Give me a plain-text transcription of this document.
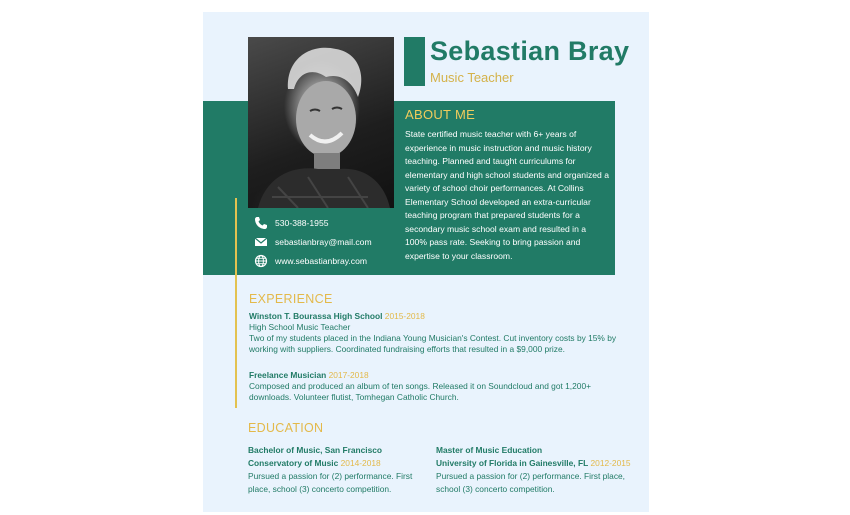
Sebastian Bray
Music Teacher
ABOUT ME
State certified music teacher with 6+ years of experience in music instruction and music history teaching. Planned and taught curriculums for elementary and high school students and organized a variety of school choir performances. At Collins Elementary School developed an extra-curricular teaching program that prepared students for a secondary music school exam and resulted in a 100% pass rate. Seeking to bring passion and expertise to your classroom.
530-388-1955
sebastianbray@mail.com
www.sebastianbray.com
EXPERIENCE
Winston T. Bourassa High School 2015-2018
High School Music Teacher
Two of my students placed in the Indiana Young Musician's Contest. Cut inventory costs by 15% by working with suppliers. Coordinated fundraising efforts that resulted in a $9,000 prize.
Freelance Musician 2017-2018
Composed and produced an album of ten songs. Released it on Soundcloud and got 1,200+ downloads. Volunteer flutist, Tomhegan Catholic Church.
EDUCATION
Bachelor of Music, San Francisco
Conservatory of Music 2014-2018
Pursued a passion for (2) performance. First place, school (3) concerto competition.
Master of Music Education
University of Florida in Gainesville, FL 2012-2015
Pursued a passion for (2) performance. First place, school (3) concerto competition.
